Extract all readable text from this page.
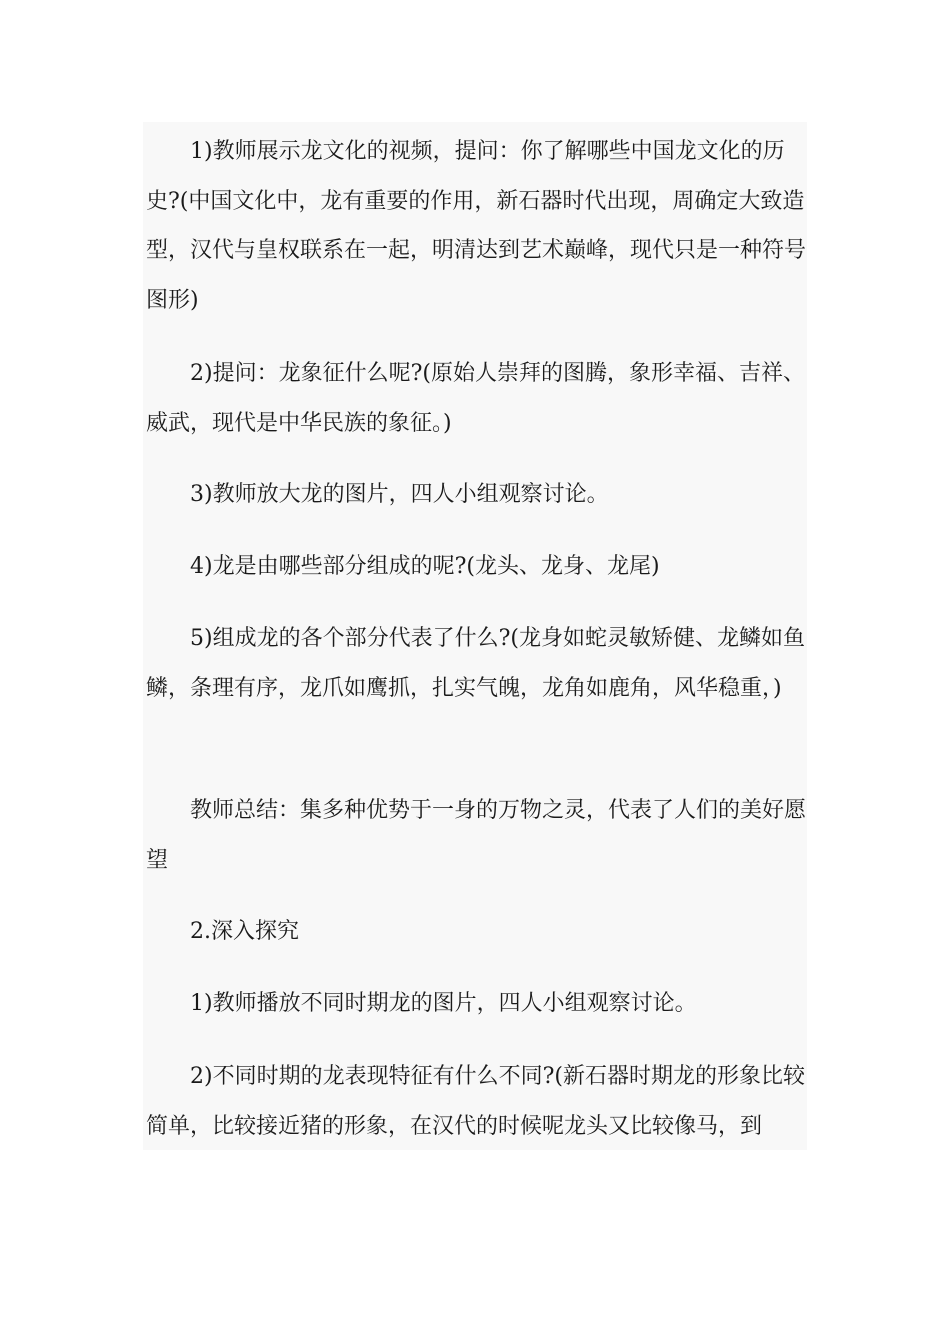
1)教师展示龙文化的视频，提问：你了解哪些中国龙文化的历史?(中国文化中，龙有重要的作用，新石器时代出现，周确定大致造型，汉代与皇权联系在一起，明清达到艺术巅峰，现代只是一种符号图形)

2)提问：龙象征什么呢?(原始人崇拜的图腾，象形幸福、吉祥、威武，现代是中华民族的象征。)

3)教师放大龙的图片，四人小组观察讨论。

4)龙是由哪些部分组成的呢?(龙头、龙身、龙尾)

5)组成龙的各个部分代表了什么?(龙身如蛇灵敏矫健、龙鳞如鱼鳞，条理有序，龙爪如鹰抓，扎实气魄，龙角如鹿角，风华稳重，)

教师总结：集多种优势于一身的万物之灵，代表了人们的美好愿望

2.深入探究

1)教师播放不同时期龙的图片，四人小组观察讨论。

2)不同时期的龙表现特征有什么不同?(新石器时期龙的形象比较简单，比较接近猪的形象，在汉代的时候呢龙头又比较像马，到
